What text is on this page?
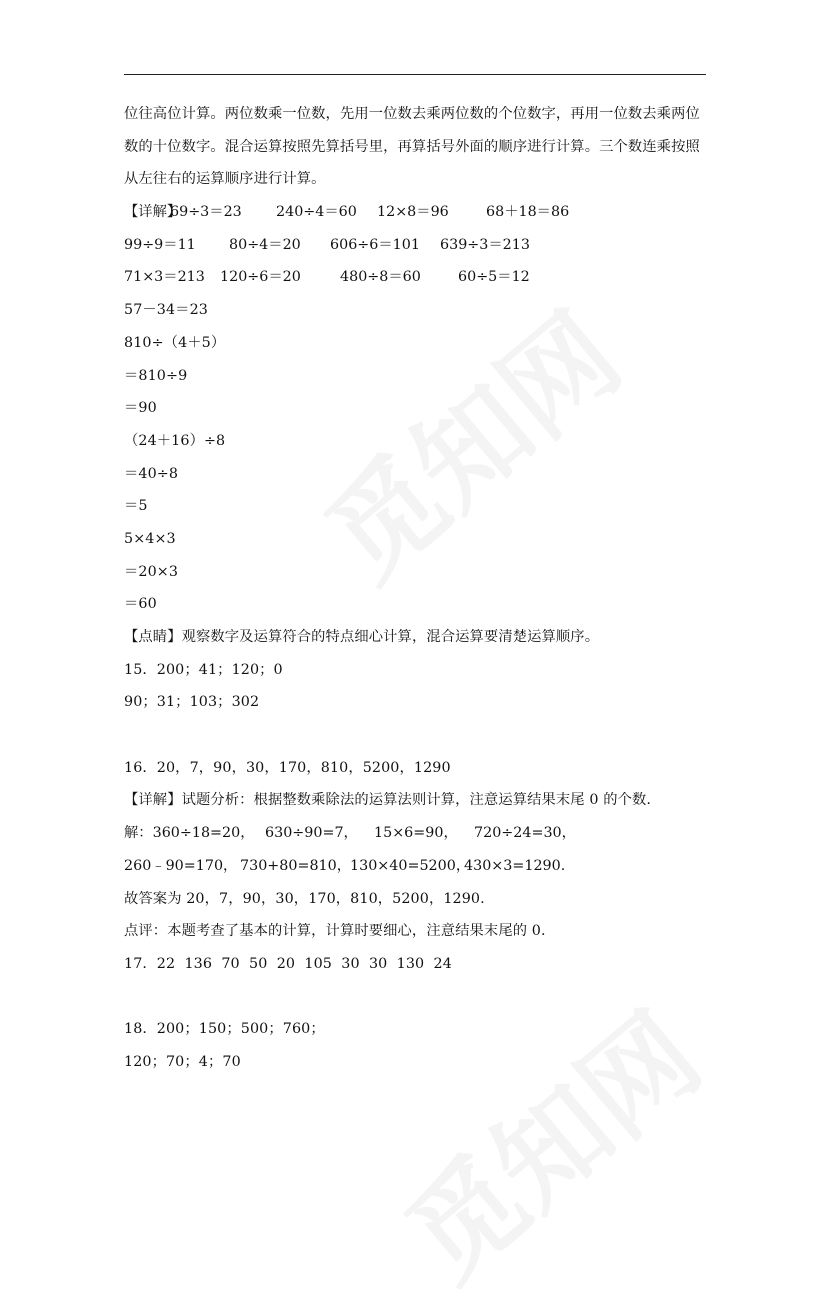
位往高位计算。两位数乘一位数，先用一位数去乘两位数的个位数字，再用一位数去乘两位
数的十位数字。混合运算按照先算括号里，再算括号外面的顺序进行计算。三个数连乘按照
从左往右的运算顺序进行计算。
【详解】
69÷3＝23 240÷4＝60 12×8＝96	68＋18＝86
99÷9＝11 80÷4＝20 606÷6＝101 639÷3＝213
71×3＝213 120÷6＝20	480÷8＝60	60÷5＝12
57－34＝23
810÷（4＋5）
＝810÷9
＝90
（24＋16）÷8
＝40÷8
＝5
5×4×3
＝20×3
＝60
【点睛】观察数字及运算符合的特点细心计算，混合运算要清楚运算顺序。
15．200；41；120；0
90；31；103；302
16．20，7，90，30，170，810，5200，1290
【详解】试题分析：根据整数乘除法的运算法则计算，注意运算结果末尾 0 的个数.
解：360÷18=20， 630÷90=7， 15×6=90， 720÷24=30，
260﹣90=170， 730+80=810，
130×40=5200，
430×3=1290.
故答案为 20，7，90，30，170，810，5200，1290.
点评：本题考查了基本的计算，计算时要细心，注意结果末尾的 0.
17．22  136  70  50  20  105  30  30  130  24
18．200；150；500；760；
120；70；4；70
